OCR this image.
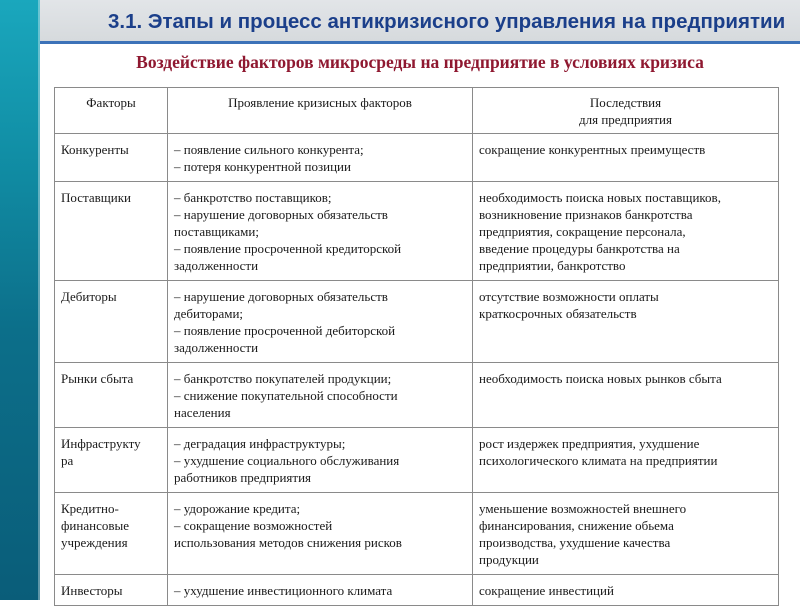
3.1. Этапы и процесс антикризисного управления на предприятии
Воздействие факторов микросреды на предприятие в условиях кризиса
Факторы	Проявление кризисных факторов	Последствия
для предприятия

Конкуренты	– появление сильного конкурента;
– потеря конкурентной позиции	сокращение конкурентных преимуществ

Поставщики	– банкротство поставщиков;
– нарушение договорных обязательств
поставщиками;
– появление просроченной кредиторской
задолженности	необходимость поиска новых поставщиков,
возникновение признаков банкротства
предприятия, сокращение персонала,
введение процедуры банкротства на
предприятии, банкротство

Дебиторы	– нарушение договорных обязательств
дебиторами;
– появление просроченной дебиторской
задолженности	отсутствие возможности оплаты
краткосрочных обязательств

Рынки сбыта	– банкротство покупателей продукции;
– снижение покупательной способности
населения	необходимость поиска новых рынков сбыта

Инфраструкту
ра	– деградация инфраструктуры;
– ухудшение социального обслуживания
работников предприятия	рост издержек предприятия, ухудшение
психологического климата на предприятии

Кредитно-
финансовые
учреждения	– удорожание кредита;
– сокращение возможностей
использования методов снижения рисков	уменьшение возможностей внешнего
финансирования, снижение обьема
производства, ухудшение качества
продукции

Инвесторы	– ухудшение инвестиционного климата	сокращение инвестиций
